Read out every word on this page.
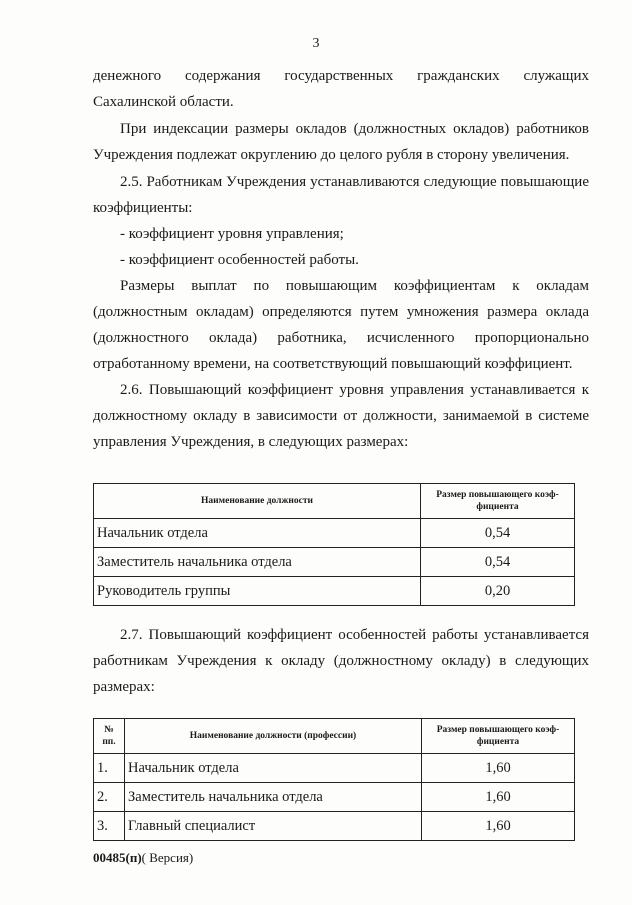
3

денежного содержания государственных гражданских служащих Сахалинской области.

При индексации размеры окладов (должностных окладов) работников Учреждения подлежат округлению до целого рубля в сторону увеличения.

2.5. Работникам Учреждения устанавливаются следующие повышающие коэффициенты:

- коэффициент уровня управления;

- коэффициент особенностей работы.

Размеры выплат по повышающим коэффициентам к окладам (должностным окладам) определяются путем умножения размера оклада (должностного оклада) работника, исчисленного пропорционально отработанному времени, на соответствующий повышающий коэффициент.

2.6. Повышающий коэффициент уровня управления устанавливается к должностному окладу в зависимости от должности, занимаемой в системе управления Учреждения, в следующих размерах:

Наименование должности	Размер повышающего коэф-фициента
Начальник отдела	0,54
Заместитель начальника отдела	0,54
Руководитель группы	0,20

2.7. Повышающий коэффициент особенностей работы устанавливается работникам Учреждения к окладу (должностному окладу) в следующих размерах:

№ пп.	Наименование должности (профессии)	Размер повышающего коэф-фициента
1.	Начальник отдела	1,60
2.	Заместитель начальника отдела	1,60
3.	Главный специалист	1,60
00485(п)( Версия)
